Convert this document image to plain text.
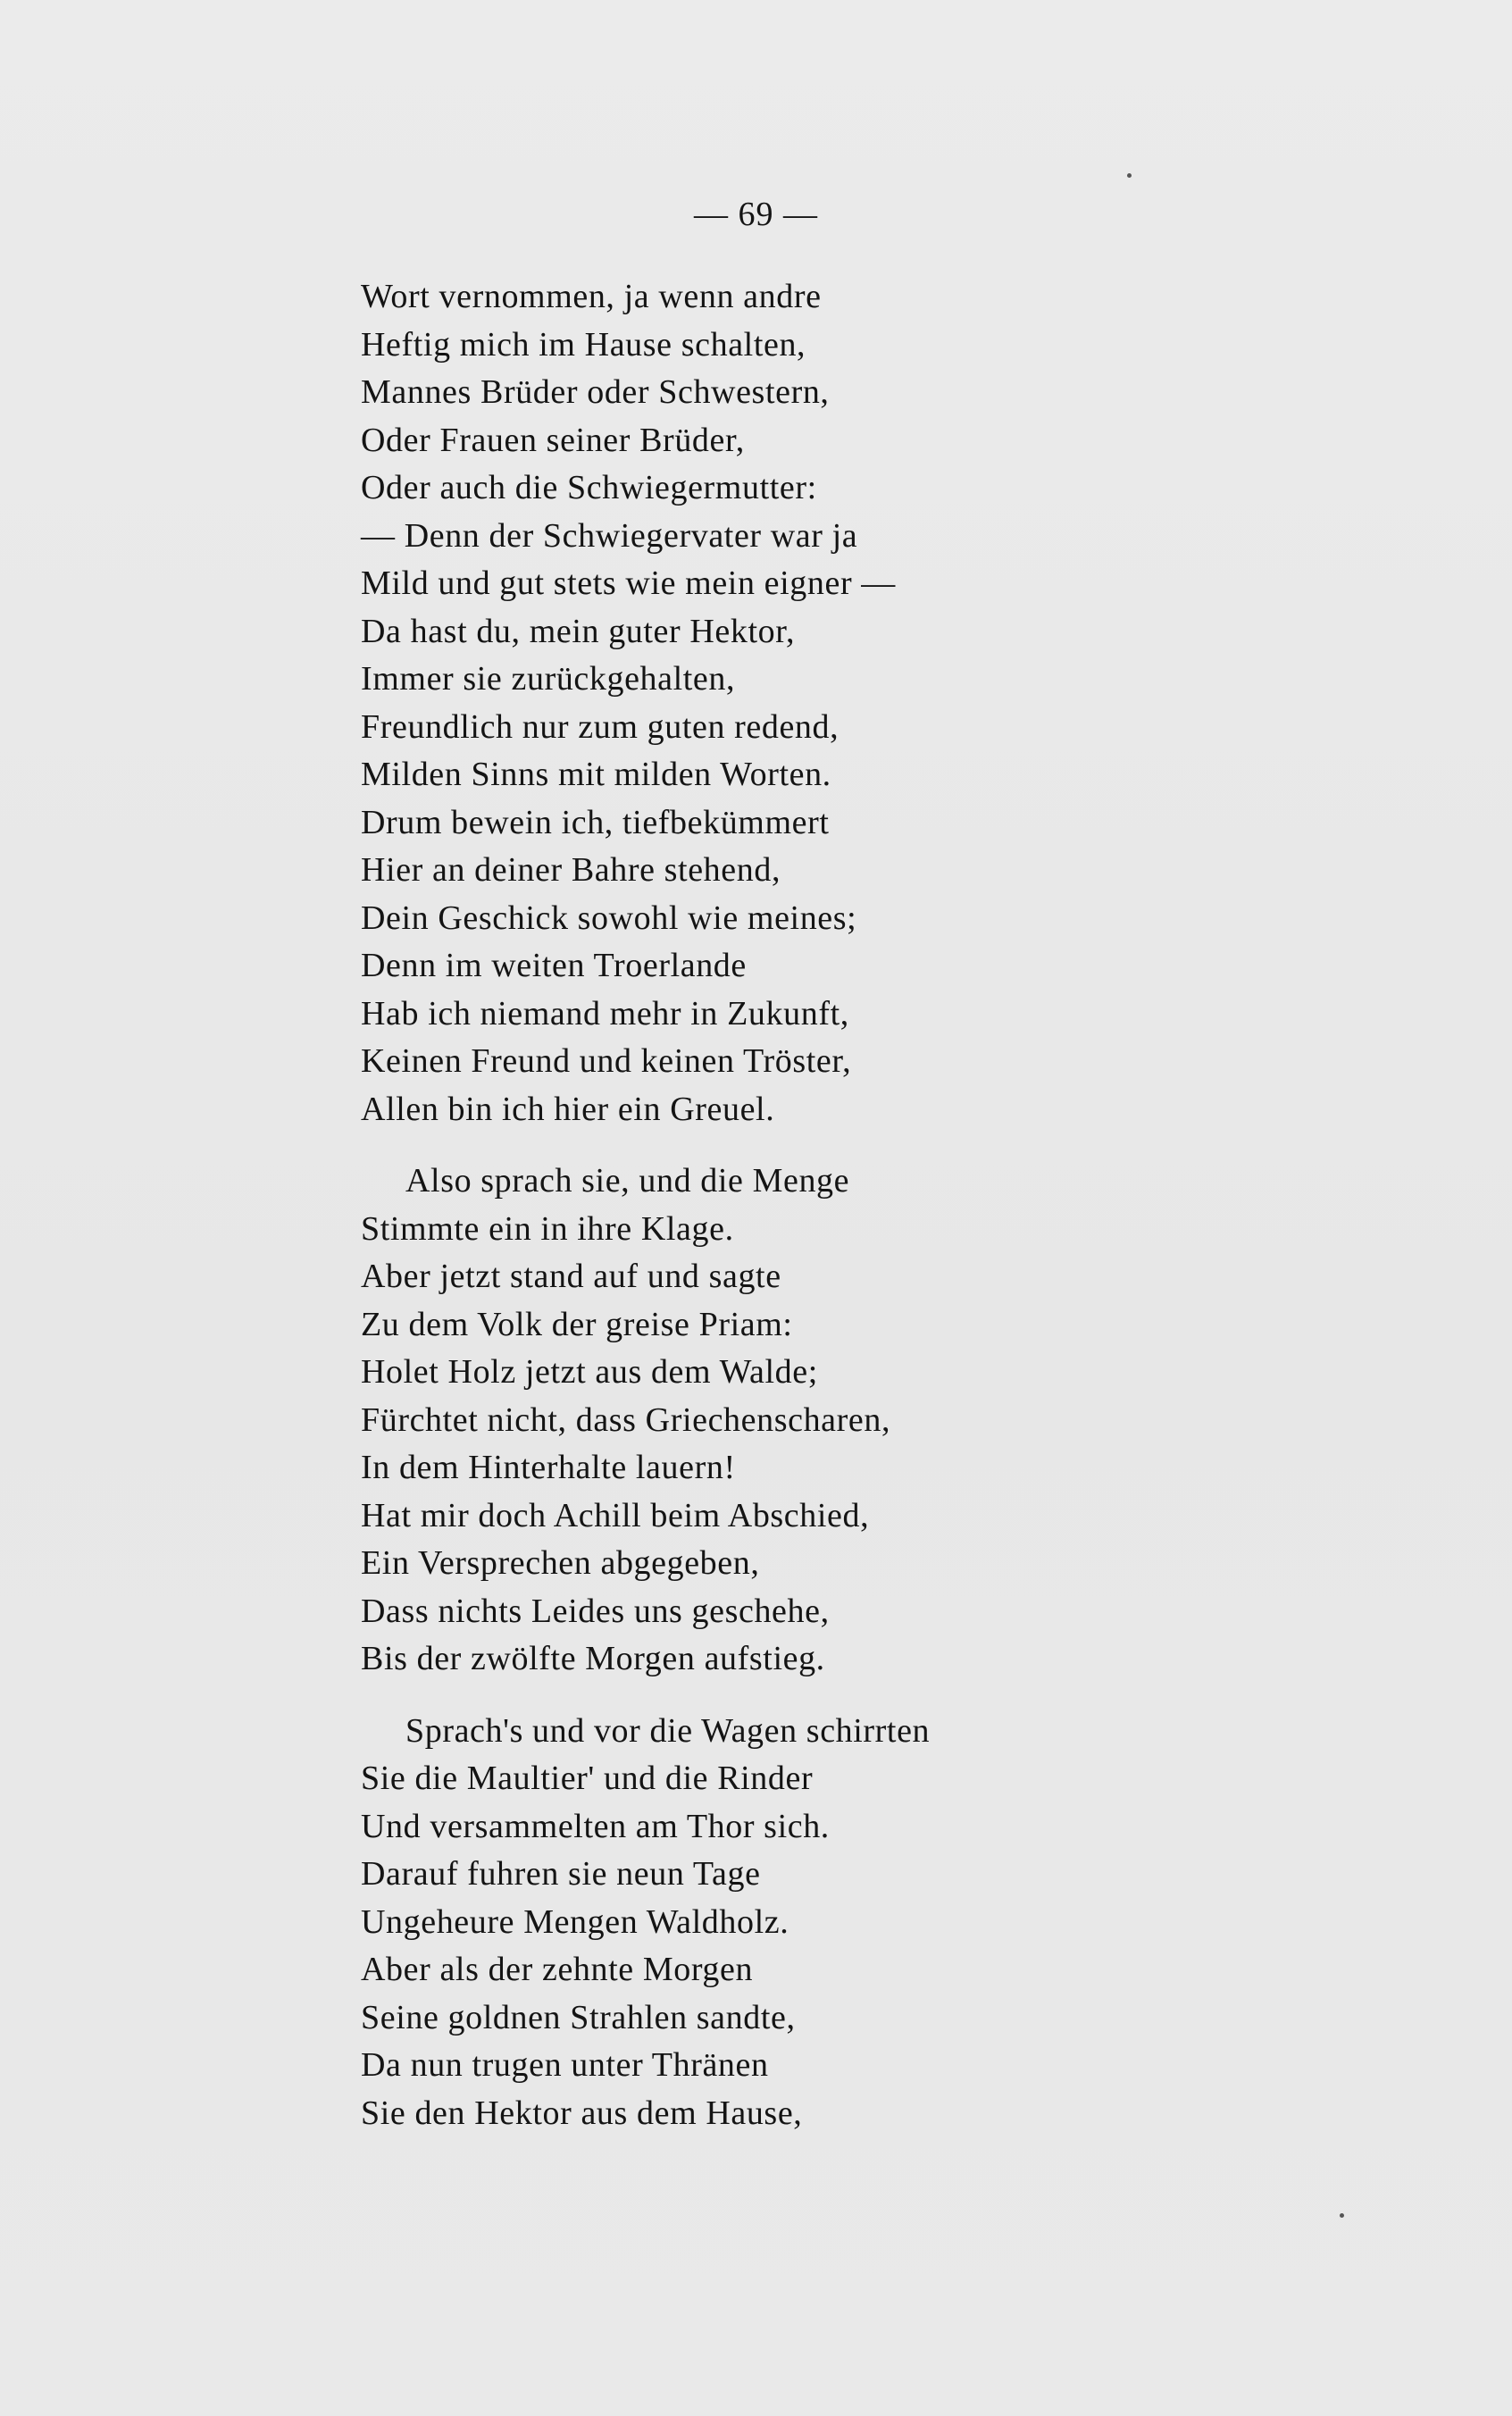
— 69 —
Wort vernommen, ja wenn andre
Heftig mich im Hause schalten,
Mannes Brüder oder Schwestern,
Oder Frauen seiner Brüder,
Oder auch die Schwiegermutter:
— Denn der Schwiegervater war ja
Mild und gut stets wie mein eigner —
Da hast du, mein guter Hektor,
Immer sie zurückgehalten,
Freundlich nur zum guten redend,
Milden Sinns mit milden Worten.
Drum bewein ich, tiefbekümmert
Hier an deiner Bahre stehend,
Dein Geschick sowohl wie meines;
Denn im weiten Troerlande
Hab ich niemand mehr in Zukunft,
Keinen Freund und keinen Tröster,
Allen bin ich hier ein Greuel.
Also sprach sie, und die Menge
Stimmte ein in ihre Klage.
Aber jetzt stand auf und sagte
Zu dem Volk der greise Priam:
Holet Holz jetzt aus dem Walde;
Fürchtet nicht, dass Griechenscharen,
In dem Hinterhalte lauern!
Hat mir doch Achill beim Abschied,
Ein Versprechen abgegeben,
Dass nichts Leides uns geschehe,
Bis der zwölfte Morgen aufstieg.
Sprach's und vor die Wagen schirrten
Sie die Maultier' und die Rinder
Und versammelten am Thor sich.
Darauf fuhren sie neun Tage
Ungeheure Mengen Waldholz.
Aber als der zehnte Morgen
Seine goldnen Strahlen sandte,
Da nun trugen unter Thränen
Sie den Hektor aus dem Hause,
